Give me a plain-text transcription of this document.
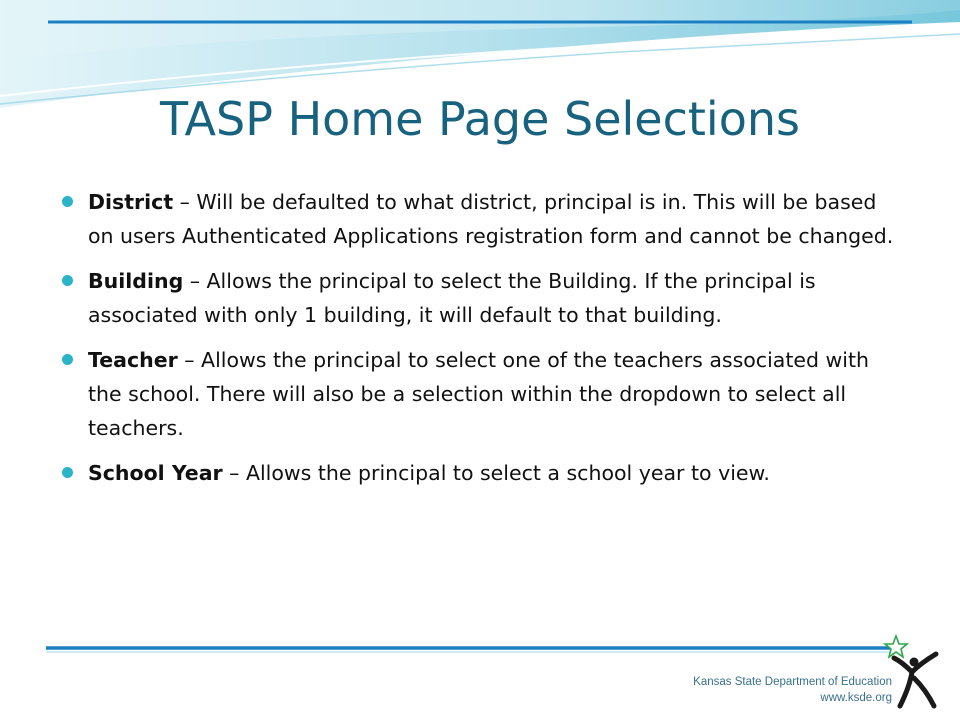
TASP Home Page Selections
District – Will be defaulted to what district, principal is in. This will be based on users Authenticated Applications registration form and cannot be changed.
Building – Allows the principal to select the Building. If the principal is associated with only 1 building, it will default to that building.
Teacher – Allows the principal to select one of the teachers associated with the school. There will also be a selection within the dropdown to select all teachers.
School Year – Allows the principal to select a school year to view.
Kansas State Department of Education
www.ksde.org
